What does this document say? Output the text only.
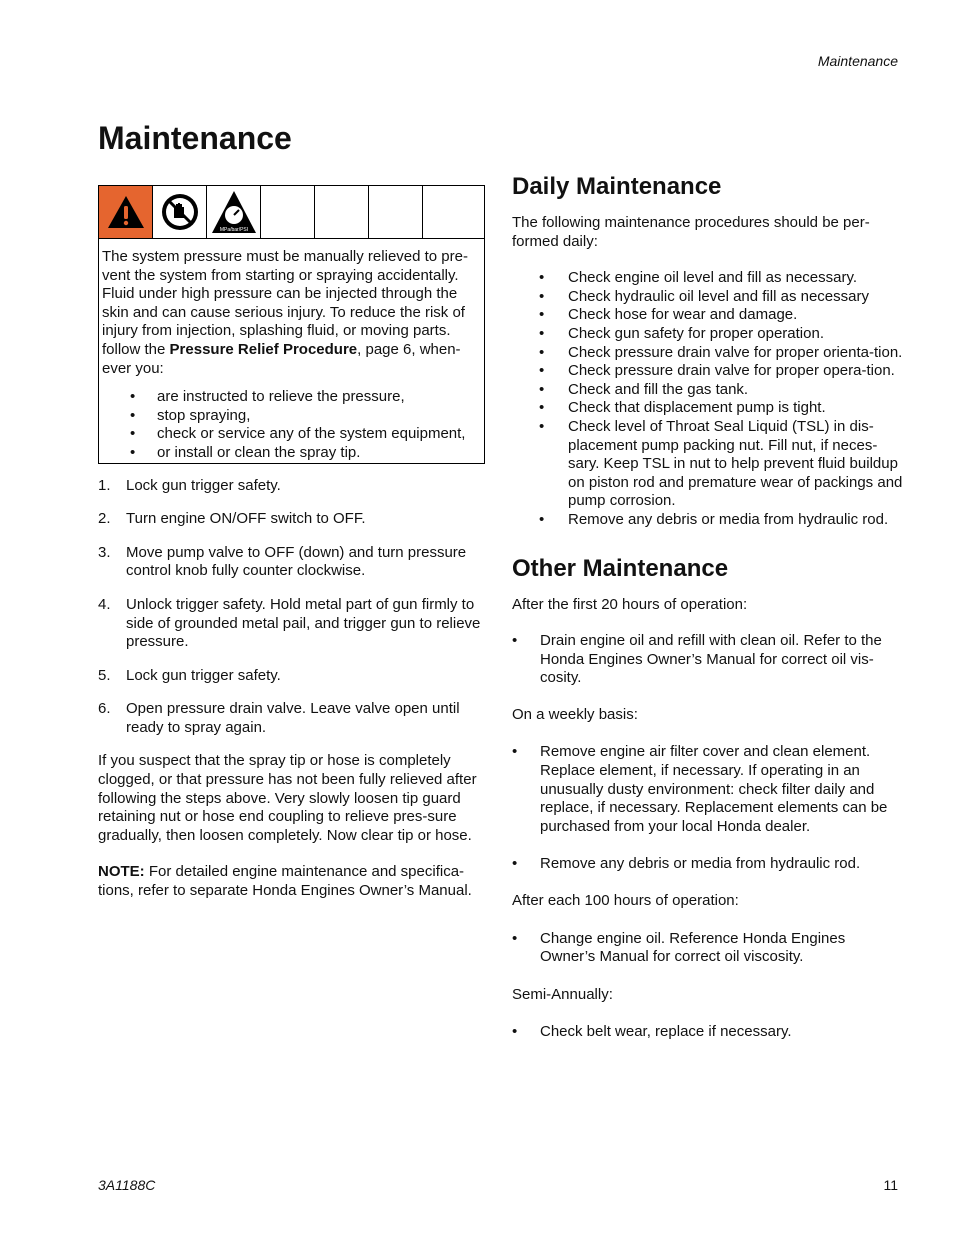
Maintenance
Maintenance
MPa/bar/PSI

The system pressure must be manually relieved to pre-vent the system from starting or spraying accidentally. Fluid under high pressure can be injected through the skin and can cause serious injury. To reduce the risk of injury from injection, splashing fluid, or moving parts. follow the Pressure Relief Procedure, page 6, when-ever you:

• are instructed to relieve the pressure,
• stop spraying,
• check or service any of the system equipment,
• or install or clean the spray tip.
1. Lock gun trigger safety.
2. Turn engine ON/OFF switch to OFF.
3. Move pump valve to OFF (down) and turn pressure control knob fully counter clockwise.
4. Unlock trigger safety. Hold metal part of gun firmly to side of grounded metal pail, and trigger gun to relieve pressure.
5. Lock gun trigger safety.
6. Open pressure drain valve. Leave valve open until ready to spray again.

If you suspect that the spray tip or hose is completely clogged, or that pressure has not been fully relieved after following the steps above. Very slowly loosen tip guard retaining nut or hose end coupling to relieve pres-sure gradually, then loosen completely. Now clear tip or hose.

NOTE: For detailed engine maintenance and specifica-tions, refer to separate Honda Engines Owner’s Manual.

Daily Maintenance

The following maintenance procedures should be per-formed daily:

• Check engine oil level and fill as necessary.
• Check hydraulic oil level and fill as necessary
• Check hose for wear and damage.
• Check gun safety for proper operation.
• Check pressure drain valve for proper orienta-tion.
• Check pressure drain valve for proper opera-tion.
• Check and fill the gas tank.
• Check that displacement pump is tight.
• Check level of Throat Seal Liquid (TSL) in dis-placement pump packing nut. Fill nut, if neces-sary. Keep TSL in nut to help prevent fluid buildup on piston rod and premature wear of packings and pump corrosion.
• Remove any debris or media from hydraulic rod.
Other Maintenance

After the first 20 hours of operation:

• Drain engine oil and refill with clean oil. Refer to the Honda Engines Owner’s Manual for correct oil vis-cosity.

On a weekly basis:

• Remove engine air filter cover and clean element. Replace element, if necessary. If operating in an unusually dusty environment: check filter daily and replace, if necessary. Replacement elements can be purchased from your local Honda dealer.
• Remove any debris or media from hydraulic rod.

After each 100 hours of operation:

• Change engine oil. Reference Honda Engines Owner’s Manual for correct oil viscosity.

Semi-Annually:

• Check belt wear, replace if necessary.
3A1188C	11
